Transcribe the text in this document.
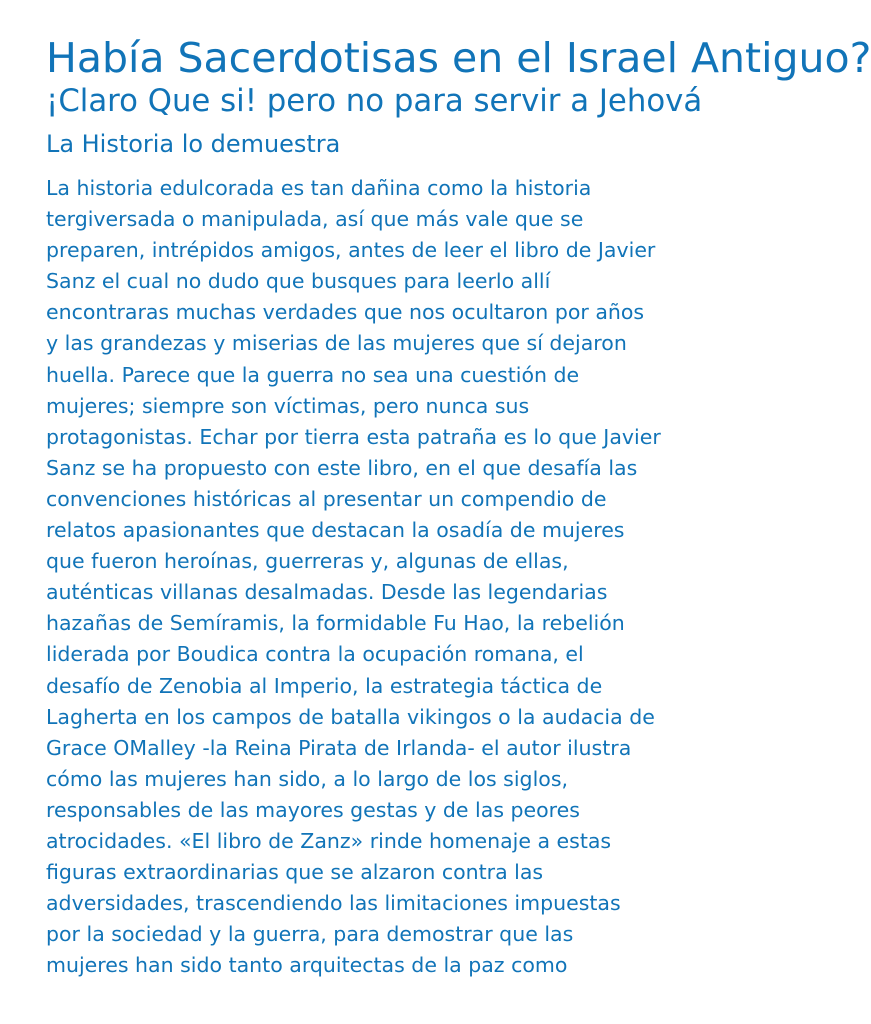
Había Sacerdotisas en el Israel Antiguo?
¡Claro Que si! pero no para servir a Jehová
La Historia lo demuestra

La historia edulcorada es tan dañina como la historia
tergiversada o manipulada, así que más vale que se
preparen, intrépidos amigos, antes de leer el libro de Javier
Sanz el cual no dudo que busques para leerlo allí
encontraras muchas verdades que nos ocultaron por años
y las grandezas y miserias de las mujeres que sí dejaron
huella. Parece que la guerra no sea una cuestión de
mujeres; siempre son víctimas, pero nunca sus
protagonistas. Echar por tierra esta patraña es lo que Javier
Sanz se ha propuesto con este libro, en el que desafía las
convenciones históricas al presentar un compendio de
relatos apasionantes que destacan la osadía de mujeres
que fueron heroínas, guerreras y, algunas de ellas,
auténticas villanas desalmadas. Desde las legendarias
hazañas de Semíramis, la formidable Fu Hao, la rebelión
liderada por Boudica contra la ocupación romana, el
desafío de Zenobia al Imperio, la estrategia táctica de
Lagherta en los campos de batalla vikingos o la audacia de
Grace OMalley -la Reina Pirata de Irlanda- el autor ilustra
cómo las mujeres han sido, a lo largo de los siglos,
responsables de las mayores gestas y de las peores
atrocidades. «El libro de Zanz» rinde homenaje a estas
figuras extraordinarias que se alzaron contra las
adversidades, trascendiendo las limitaciones impuestas
por la sociedad y la guerra, para demostrar que las
mujeres han sido tanto arquitectas de la paz como
